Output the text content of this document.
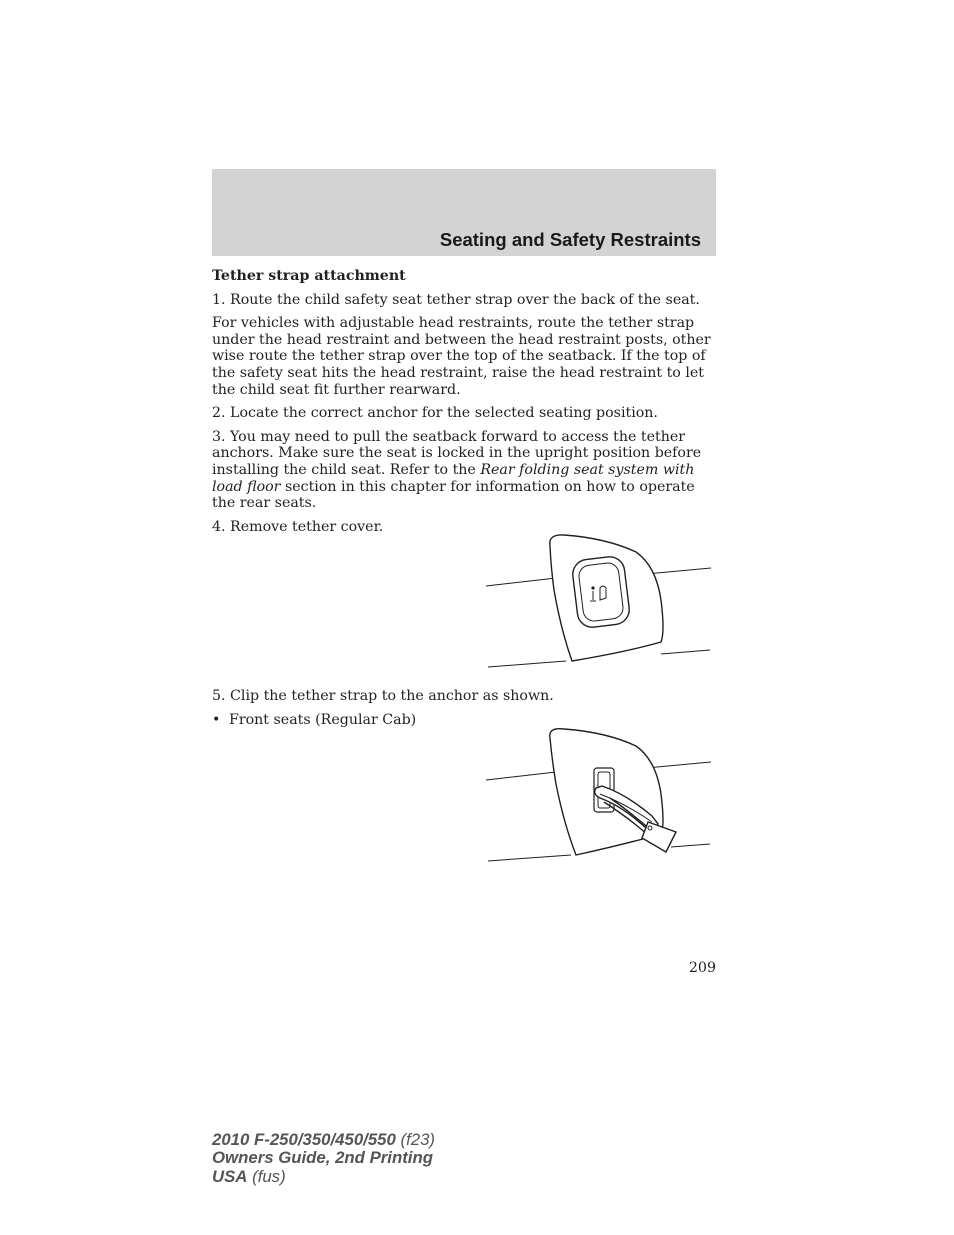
Seating and Safety Restraints

Tether strap attachment

1. Route the child safety seat tether strap over the back of the seat.

For vehicles with adjustable head restraints, route the tether strap under the head restraint and between the head restraint posts, other wise route the tether strap over the top of the seatback. If the top of the safety seat hits the head restraint, raise the head restraint to let the child seat fit further rearward.

2. Locate the correct anchor for the selected seating position.

3. You may need to pull the seatback forward to access the tether anchors. Make sure the seat is locked in the upright position before installing the child seat. Refer to the Rear folding seat system with load floor section in this chapter for information on how to operate the rear seats.

4. Remove tether cover.

5. Clip the tether strap to the anchor as shown.

• Front seats (Regular Cab)
209
2010 F-250/350/450/550 (f23)
Owners Guide, 2nd Printing
USA (fus)
